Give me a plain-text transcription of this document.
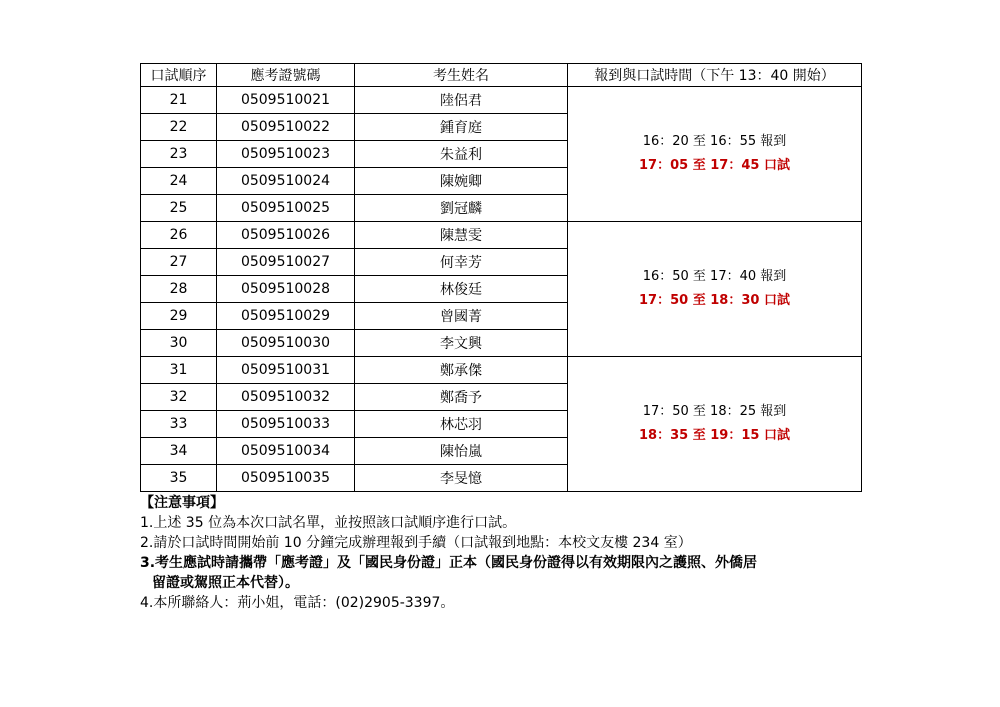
口試順序	應考證號碼	考生姓名	報到與口試時間（下午 13：40 開始）
21	0509510021	陸侶君	16：20 至 16：55 報到
17：05 至 17：45 口試

22	0509510022	鍾育庭	
23	0509510023	朱益利	
24	0509510024	陳婉卿	
25	0509510025	劉冠麟	
26	0509510026	陳慧雯	16：50 至 17：40 報到
17：50 至 18：30 口試

27	0509510027	何幸芳	
28	0509510028	林俊廷	
29	0509510029	曾國菁	
30	0509510030	李文興	
31	0509510031	鄭承傑	17：50 至 18：25 報到
18：35 至 19：15 口試

32	0509510032	鄭喬予	
33	0509510033	林芯羽	
34	0509510034	陳怡嵐	
35	0509510035	李旻憶	
【注意事項】
1.上述 35 位為本次口試名單，並按照該口試順序進行口試。
2.請於口試時間開始前 10 分鐘完成辦理報到手續（口試報到地點：本校文友樓 234 室）
3.考生應試時請攜帶「應考證」及「國民身份證」正本（國民身份證得以有效期限內之護照、外僑居
留證或駕照正本代替）。
4.本所聯絡人：荊小姐，電話：(02)2905-3397。
